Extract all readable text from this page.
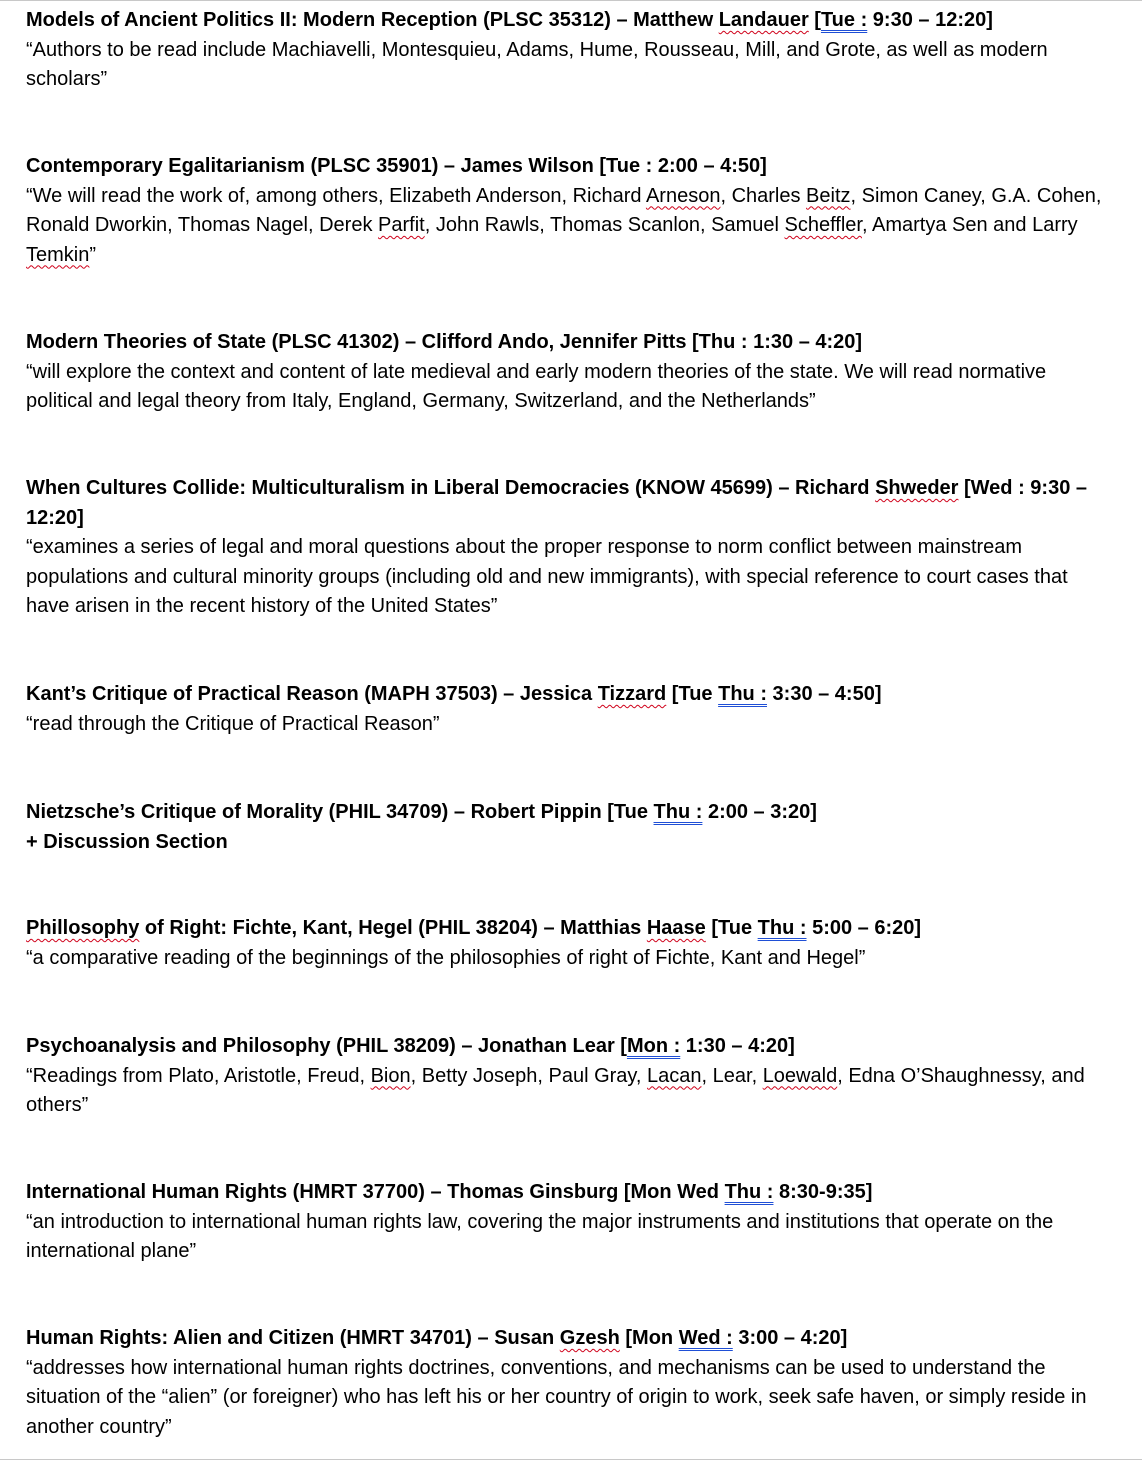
Models of Ancient Politics II: Modern Reception (PLSC 35312) – Matthew Landauer [Tue : 9:30 – 12:20]

“Authors to be read include Machiavelli, Montesquieu, Adams, Hume, Rousseau, Mill, and Grote, as well as modern scholars”

Contemporary Egalitarianism (PLSC 35901) – James Wilson [Tue : 2:00 – 4:50]

“We will read the work of, among others, Elizabeth Anderson, Richard Arneson, Charles Beitz, Simon Caney, G.A. Cohen, Ronald Dworkin, Thomas Nagel, Derek Parfit, John Rawls, Thomas Scanlon, Samuel Scheffler, Amartya Sen and Larry Temkin”

Modern Theories of State (PLSC 41302) – Clifford Ando, Jennifer Pitts [Thu : 1:30 – 4:20]

“will explore the context and content of late medieval and early modern theories of the state. We will read normative political and legal theory from Italy, England, Germany, Switzerland, and the Netherlands”

When Cultures Collide: Multiculturalism in Liberal Democracies (KNOW 45699) – Richard Shweder [Wed : 9:30 – 12:20]

“examines a series of legal and moral questions about the proper response to norm conflict between mainstream populations and cultural minority groups (including old and new immigrants), with special reference to court cases that have arisen in the recent history of the United States”

Kant’s Critique of Practical Reason (MAPH 37503) – Jessica Tizzard [Tue Thu : 3:30 – 4:50]

“read through the Critique of Practical Reason”

Nietzsche’s Critique of Morality (PHIL 34709) – Robert Pippin [Tue Thu : 2:00 – 3:20]

+ Discussion Section

Phillosophy of Right: Fichte, Kant, Hegel (PHIL 38204) – Matthias Haase [Tue Thu : 5:00 – 6:20]

“a comparative reading of the beginnings of the philosophies of right of Fichte, Kant and Hegel”

Psychoanalysis and Philosophy (PHIL 38209) – Jonathan Lear [Mon : 1:30 – 4:20]

“Readings from Plato, Aristotle, Freud, Bion, Betty Joseph, Paul Gray, Lacan, Lear, Loewald, Edna O’Shaughnessy, and others”

International Human Rights (HMRT 37700) – Thomas Ginsburg [Mon Wed Thu : 8:30-9:35]

“an introduction to international human rights law, covering the major instruments and institutions that operate on the international plane”

Human Rights: Alien and Citizen (HMRT 34701) – Susan Gzesh [Mon Wed : 3:00 – 4:20]

“addresses how international human rights doctrines, conventions, and mechanisms can be used to understand the situation of the “alien” (or foreigner) who has left his or her country of origin to work, seek safe haven, or simply reside in another country”
